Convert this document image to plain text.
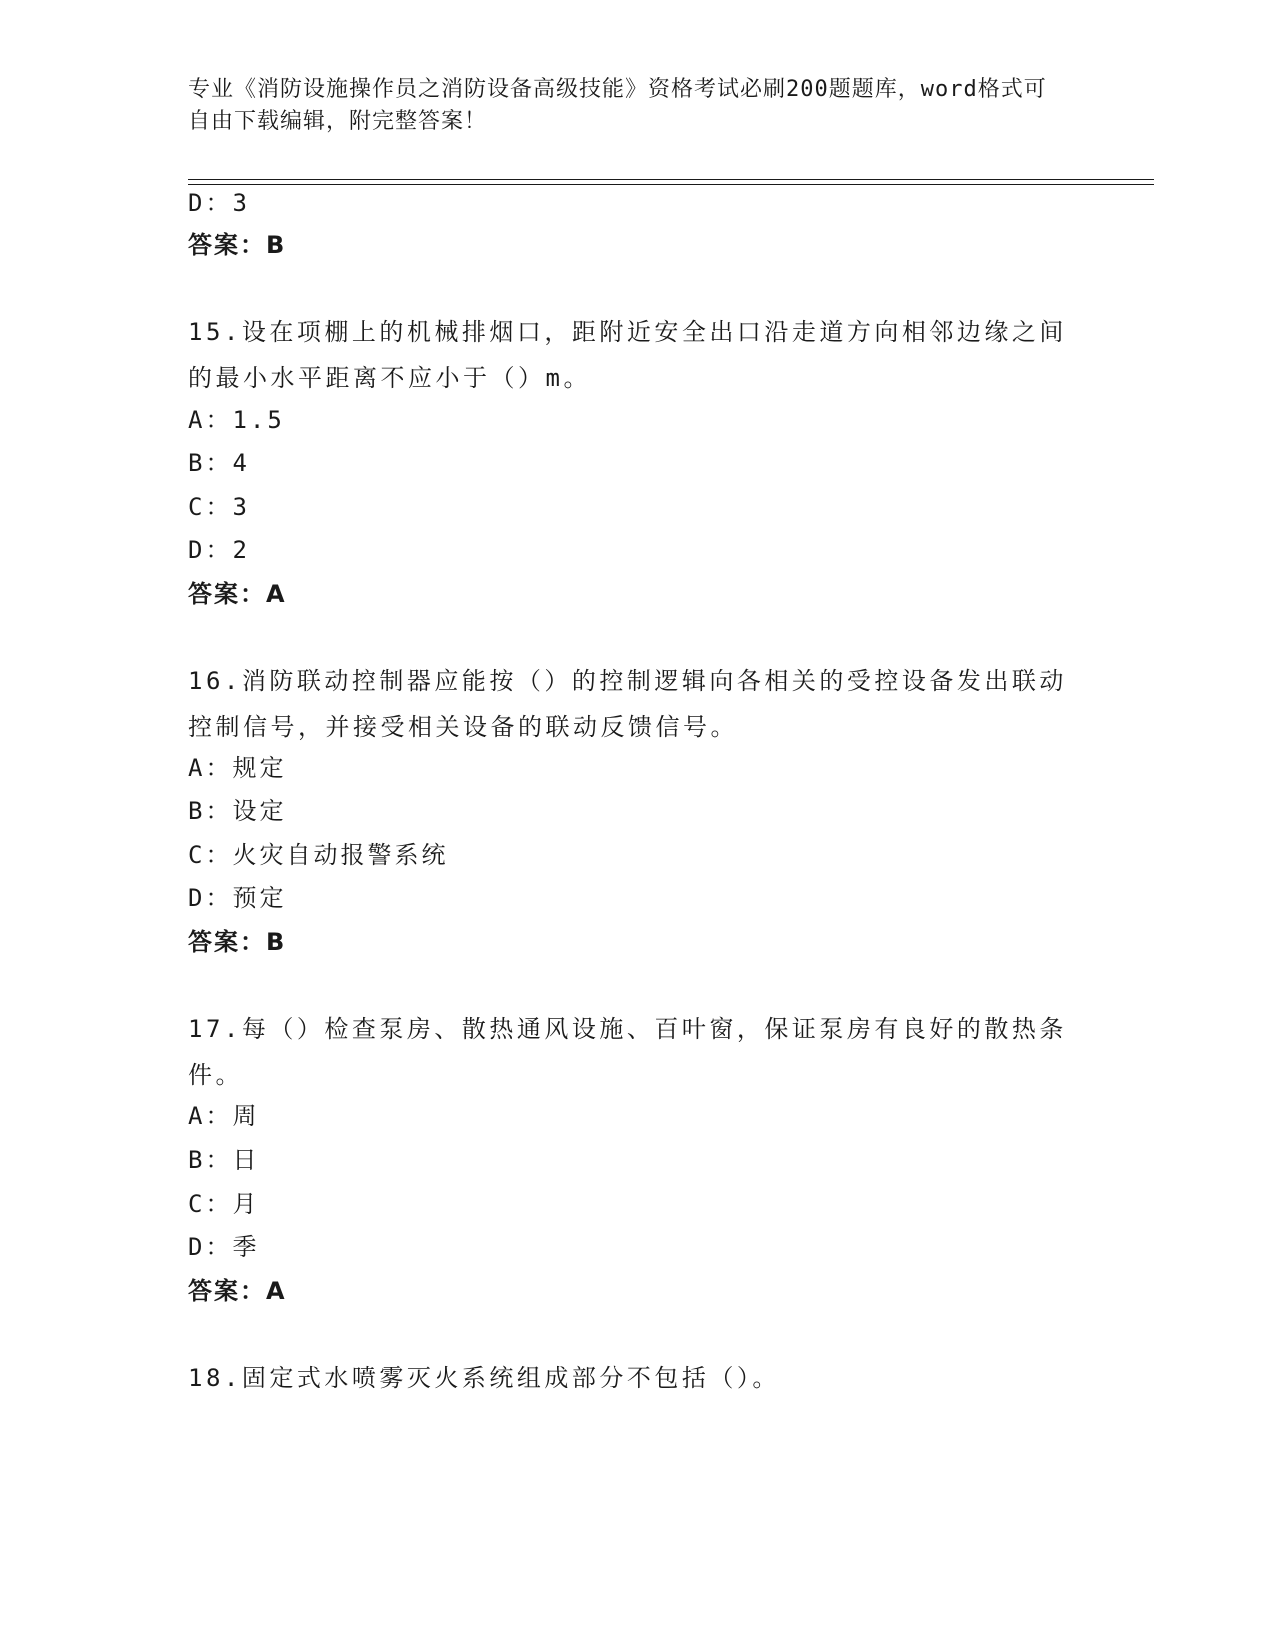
专业《消防设施操作员之消防设备高级技能》资格考试必刷200题题库，word格式可自由下载编辑，附完整答案！
D：3
答案：B
15.设在项棚上的机械排烟口，距附近安全出口沿走道方向相邻边缘之间的最小水平距离不应小于（）m。
A：1.5
B：4
C：3
D：2
答案：A
16.消防联动控制器应能按（）的控制逻辑向各相关的受控设备发出联动控制信号，并接受相关设备的联动反馈信号。
A：规定
B：设定
C：火灾自动报警系统
D：预定
答案：B
17.每（）检查泵房、散热通风设施、百叶窗，保证泵房有良好的散热条件。
A：周
B：日
C：月
D：季
答案：A
18.固定式水喷雾灭火系统组成部分不包括（）。
